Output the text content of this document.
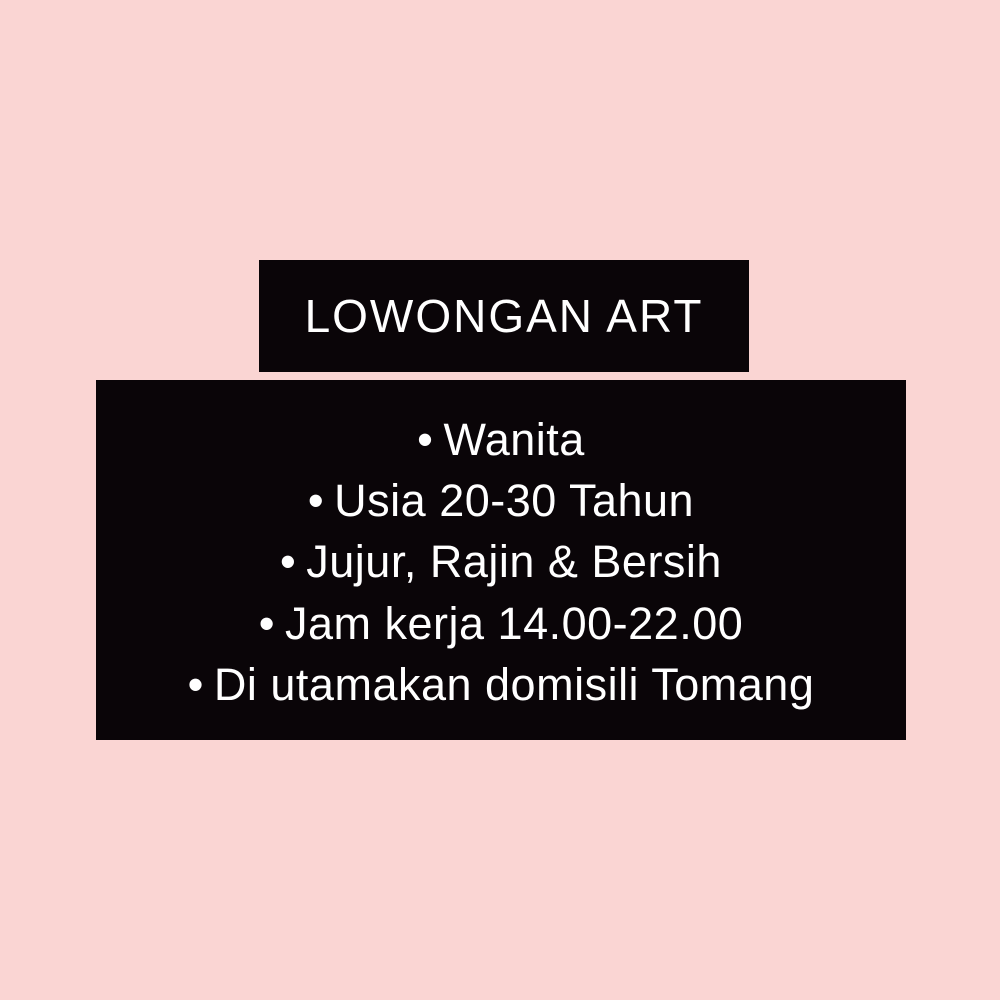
LOWONGAN ART
• Wanita
• Usia 20-30 Tahun
• Jujur, Rajin & Bersih
• Jam kerja 14.00-22.00
• Di utamakan domisili Tomang
